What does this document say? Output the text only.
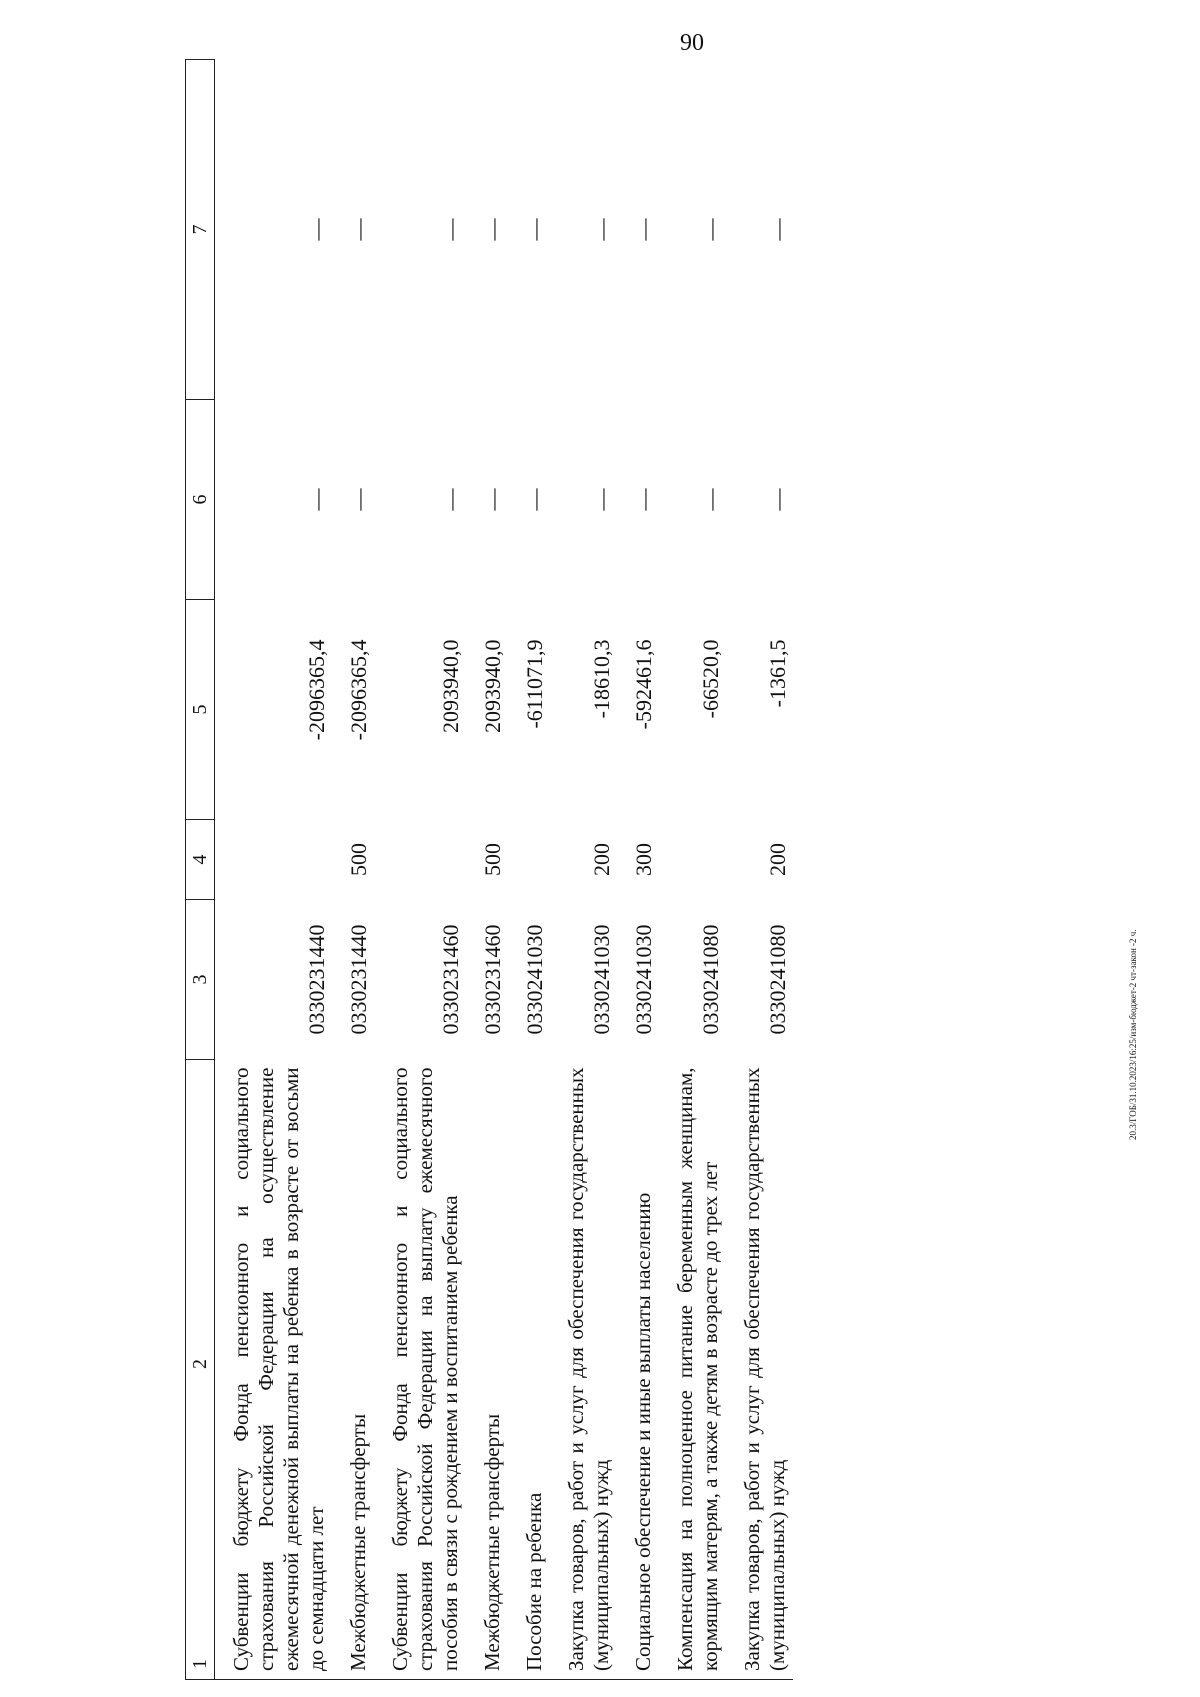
90
20.3/ГОБ/31.10.2023/16:25/изм-бюджет-2 чт-закон -2 ч.
1  2	3	4	5	6	7
Субвенции бюджету Фонда пенсионного и социального страхования Российской Федерации на осуществление ежемесячной денежной выплаты на ребенка в возрасте от восьми до семнадцати лет	0330231440		-2096365,4	—	—
Межбюджетные трансферты	0330231440	500	-2096365,4	—	—
Субвенции бюджету Фонда пенсионного и социального страхования Российской Федерации на выплату ежемесячного пособия в связи с рождением и воспитанием ребенка	0330231460		2093940,0	—	—
Межбюджетные трансферты	0330231460	500	2093940,0	—	—
Пособие на ребенка	0330241030		-611071,9	—	—
Закупка товаров, работ и услуг для обеспечения государственных (муниципальных) нужд	0330241030	200	-18610,3	—	—
Социальное обеспечение и иные выплаты населению	0330241030	300	-592461,6	—	—
Компенсация на полноценное питание беременным женщинам, кормящим матерям, а также детям в возрасте до трех лет	0330241080		-66520,0	—	—
Закупка товаров, работ и услуг для обеспечения государственных (муниципальных) нужд	0330241080	200	-1361,5	—	—
